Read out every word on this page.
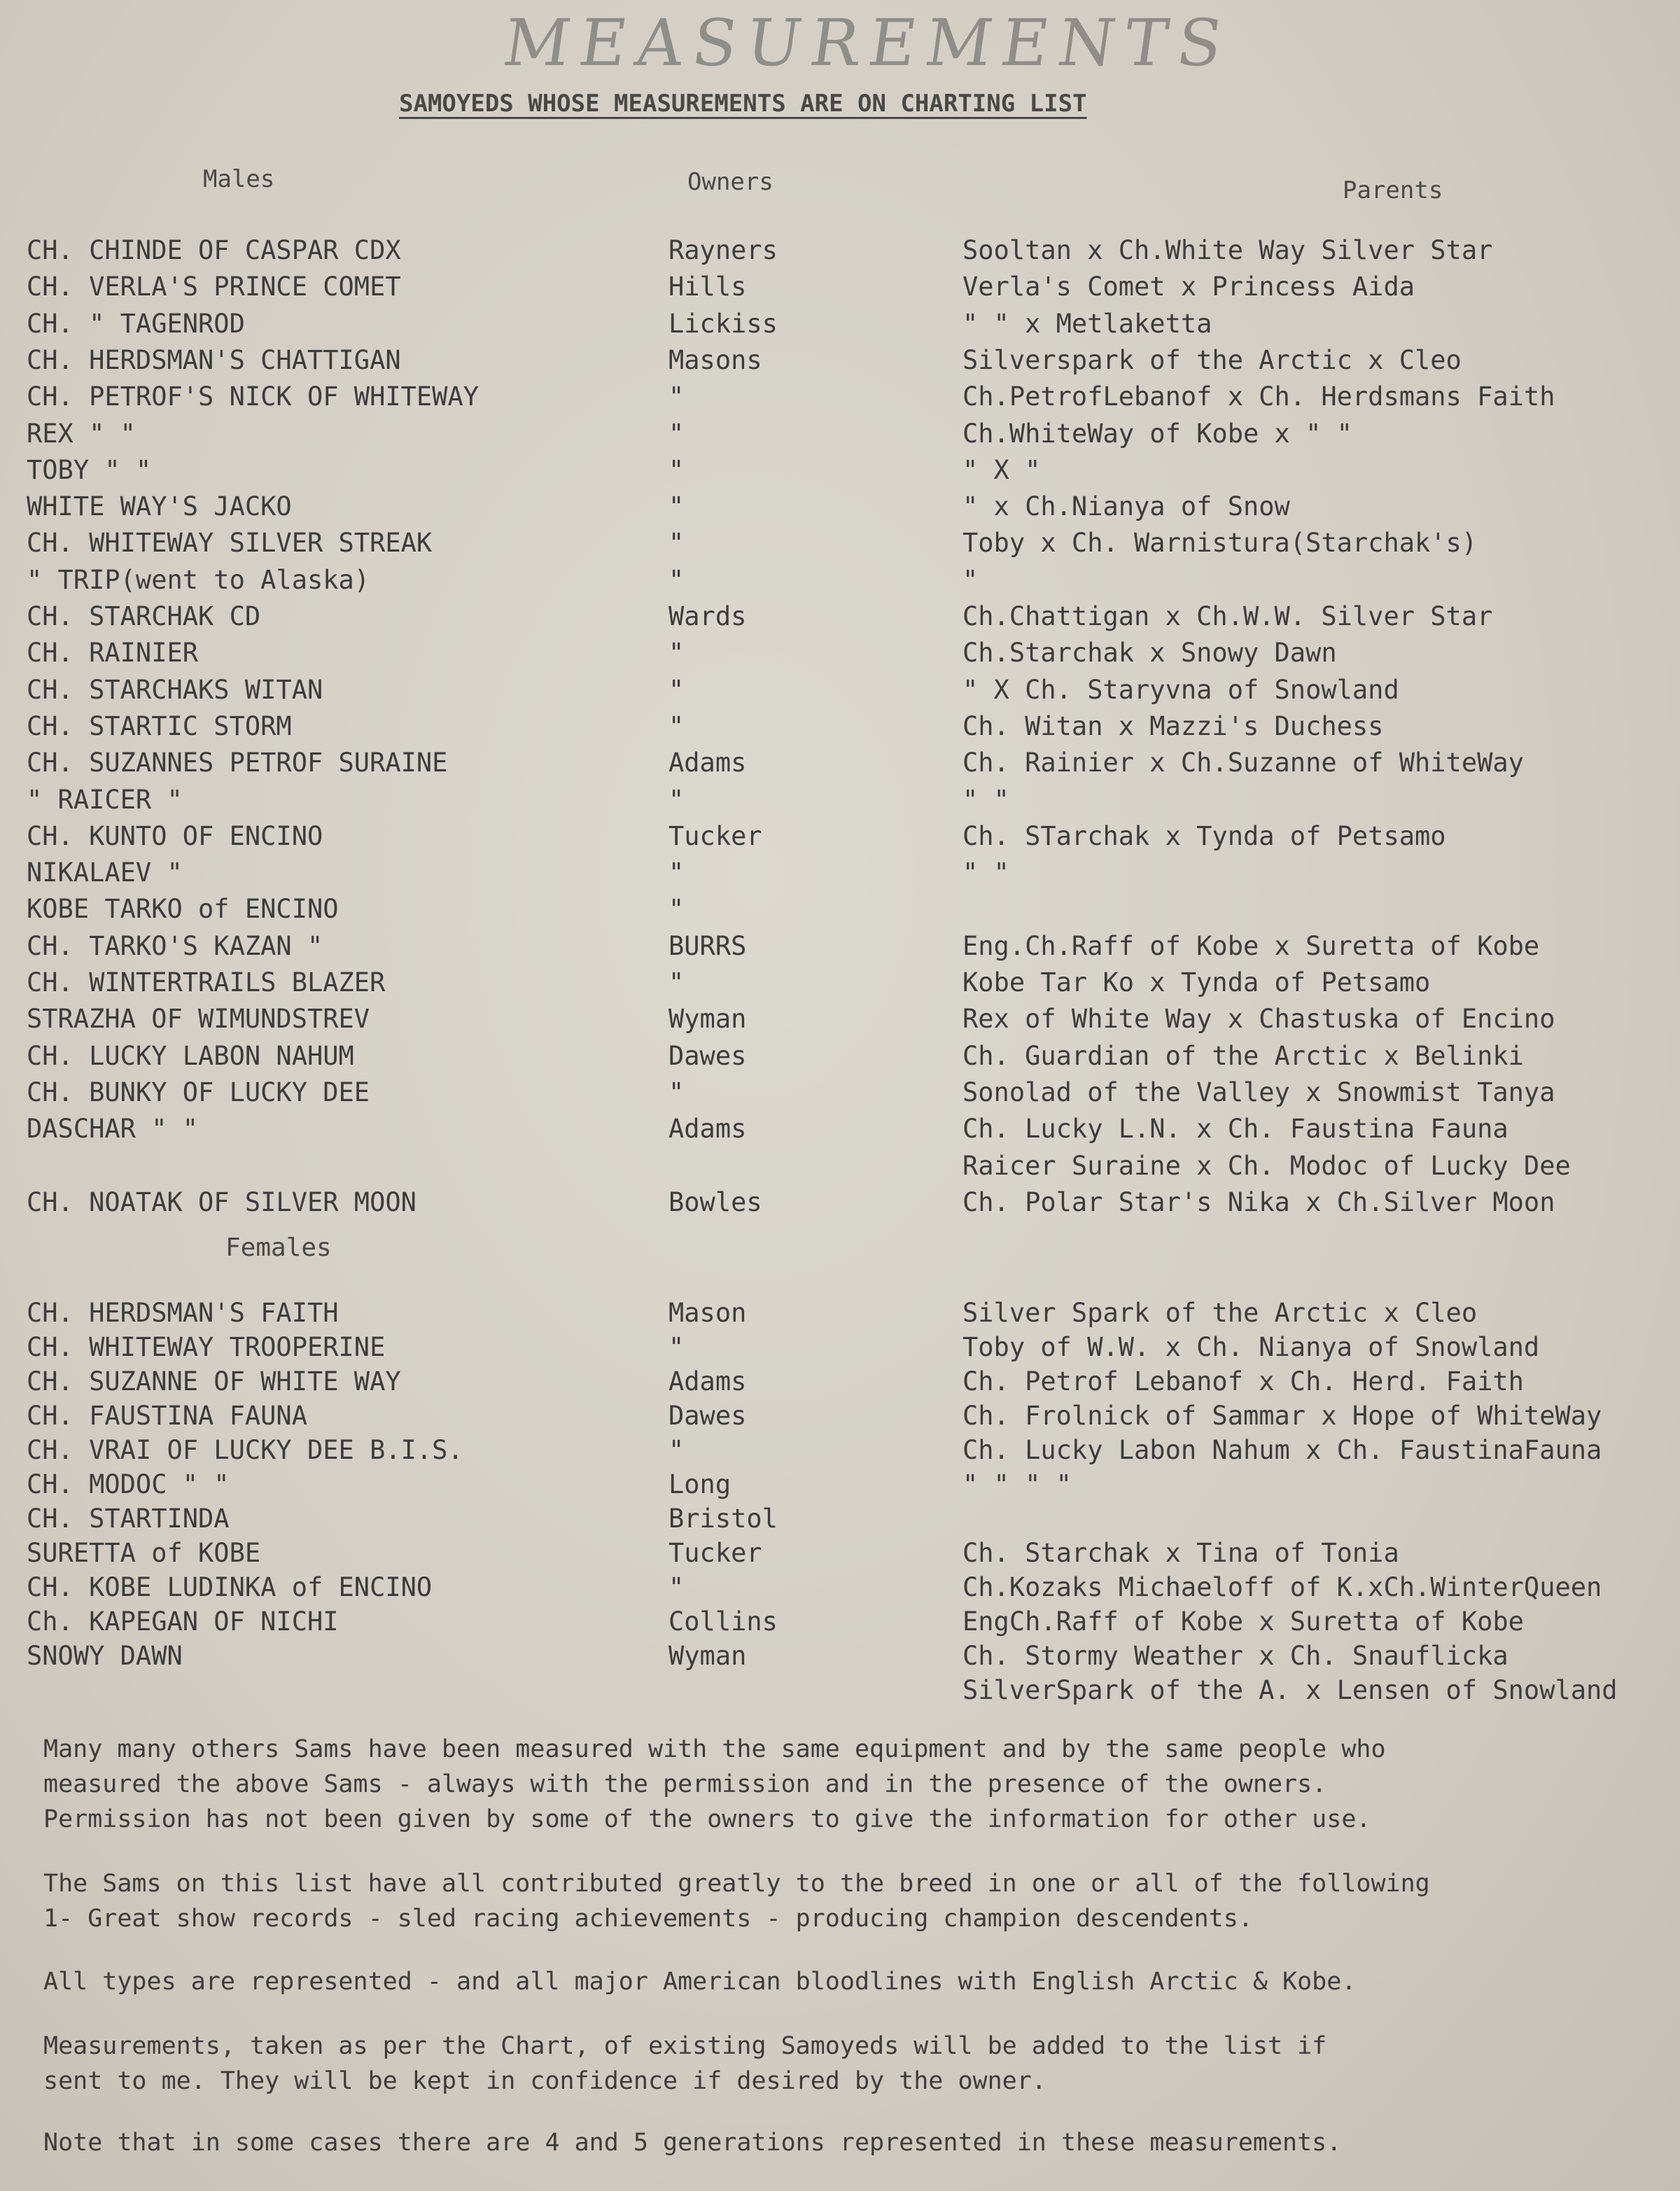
MEASUREMENTS
SAMOYEDS WHOSE MEASUREMENTS ARE ON CHARTING LIST
Males	Owners	Parents
CH. CHINDE OF CASPAR CDX	Rayners	Sooltan x Ch.White Way Silver Star
CH. VERLA'S PRINCE COMET	Hills	Verla's Comet x Princess Aida
CH. " TAGENROD	Lickiss	" " x Metlaketta
CH. HERDSMAN'S CHATTIGAN	Masons	Silverspark of the Arctic x Cleo
CH. PETROF'S NICK OF WHITEWAY	"	Ch.PetrofLebanof x Ch. Herdsmans Faith
REX " "	"	Ch.WhiteWay of Kobe x " "
TOBY " "	"	" X "
WHITE WAY'S JACKO	"	" x Ch.Nianya of Snow
CH. WHITEWAY SILVER STREAK	"	Toby x Ch. Warnistura(Starchak's)
" TRIP(went to Alaska)	"	"
CH. STARCHAK CD	Wards	Ch.Chattigan x Ch.W.W. Silver Star
CH. RAINIER	"	Ch.Starchak x Snowy Dawn
CH. STARCHAKS WITAN	"	" X Ch. Staryvna of Snowland
CH. STARTIC STORM	"	Ch. Witan x Mazzi's Duchess
CH. SUZANNES PETROF SURAINE	Adams	Ch. Rainier x Ch.Suzanne of WhiteWay
" RAICER "	"	" "
CH. KUNTO OF ENCINO	Tucker	Ch. STarchak x Tynda of Petsamo
NIKALAEV "	"	" "
KOBE TARKO of ENCINO	"
CH. TARKO'S KAZAN "	BURRS	Eng.Ch.Raff of Kobe x Suretta of Kobe
CH. WINTERTRAILS BLAZER	"	Kobe Tar Ko x Tynda of Petsamo
STRAZHA OF WIMUNDSTREV	Wyman	Rex of White Way x Chastuska of Encino
CH. LUCKY LABON NAHUM	Dawes	Ch. Guardian of the Arctic x Belinki
CH. BUNKY OF LUCKY DEE	"	Sonolad of the Valley x Snowmist Tanya
DASCHAR " "	Adams	Ch. Lucky L.N. x Ch. Faustina Fauna
Raicer Suraine x Ch. Modoc of Lucky Dee
CH. NOATAK OF SILVER MOON	Bowles	Ch. Polar Star's Nika x Ch.Silver Moon
Females
CH. HERDSMAN'S FAITH	Mason	Silver Spark of the Arctic x Cleo
CH. WHITEWAY TROOPERINE	"	Toby of W.W. x Ch. Nianya of Snowland
CH. SUZANNE OF WHITE WAY	Adams	Ch. Petrof Lebanof x Ch. Herd. Faith
CH. FAUSTINA FAUNA	Dawes	Ch. Frolnick of Sammar x Hope of WhiteWay
CH. VRAI OF LUCKY DEE B.I.S.	"	Ch. Lucky Labon Nahum x Ch. FaustinaFauna
CH. MODOC " "	Long	" " " "
CH. STARTINDA	Bristol
SURETTA of KOBE	Tucker	Ch. Starchak x Tina of Tonia
CH. KOBE LUDINKA of ENCINO	"	Ch.Kozaks Michaeloff of K.xCh.WinterQueen
Ch. KAPEGAN OF NICHI	Collins	EngCh.Raff of Kobe x Suretta of Kobe
SNOWY DAWN	Wyman	Ch. Stormy Weather x Ch. Snauflicka
SilverSpark of the A. x Lensen of Snowland
Many many others Sams have been measured with the same equipment and by the same people who
measured the above Sams - always with the permission and in the presence of the owners.
Permission has not been given by some of the owners to give the information for other use.
The Sams on this list have all contributed greatly to the breed in one or all of the following
1- Great show records - sled racing achievements - producing champion descendents.
All types are represented - and all major American bloodlines with English Arctic & Kobe.
Measurements, taken as per the Chart, of existing Samoyeds will be added to the list if
sent to me. They will be kept in confidence if desired by the owner.
Note that in some cases there are 4 and 5 generations represented in these measurements.
